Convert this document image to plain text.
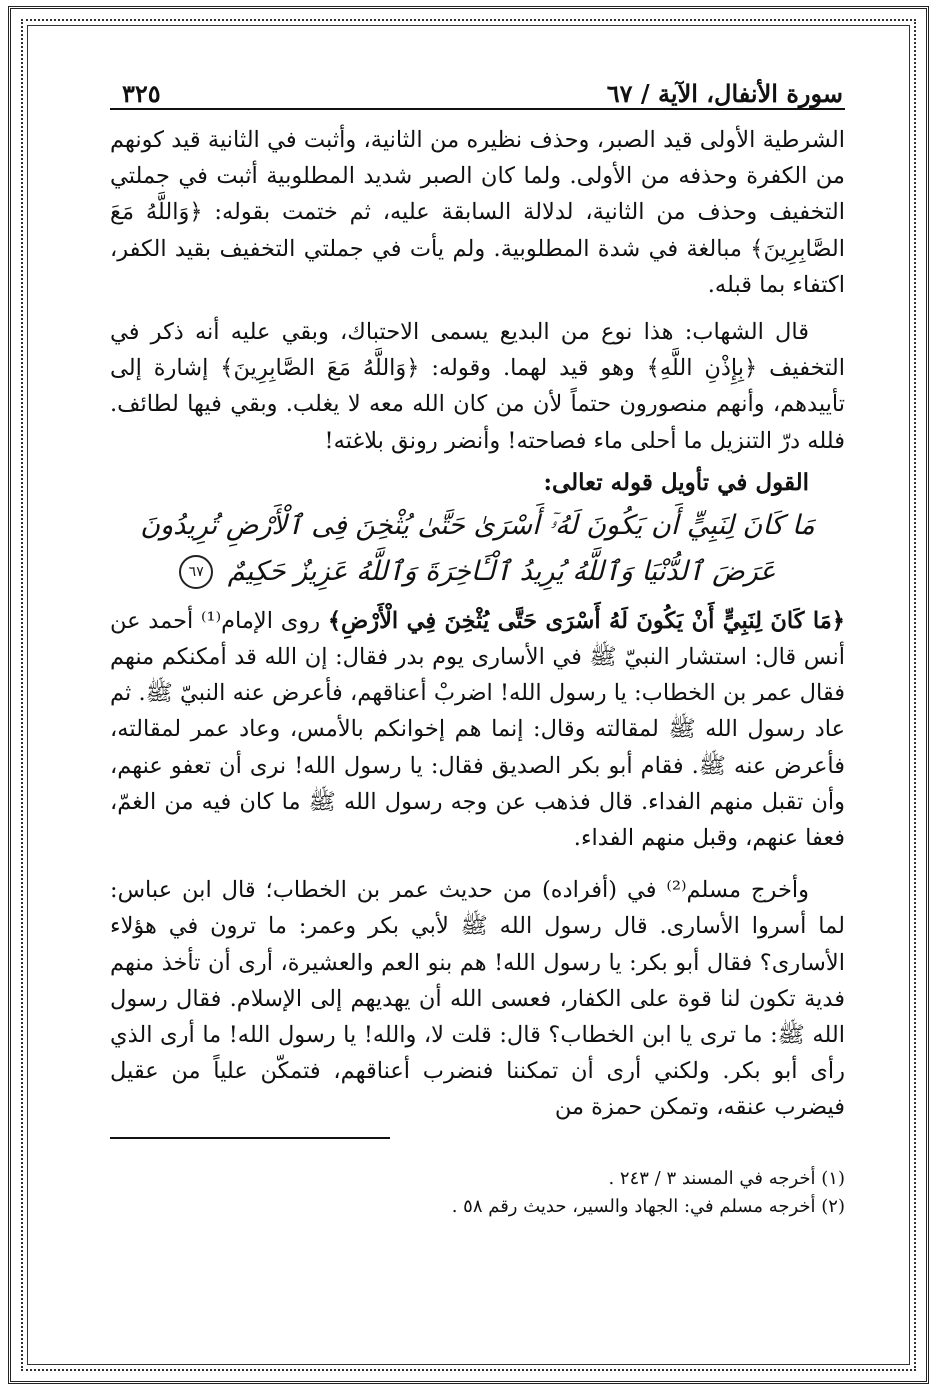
سورة الأنفال، الآية / ٦٧
٣٢٥

الشرطية الأولى قيد الصبر، وحذف نظيره من الثانية، وأثبت في الثانية قيد كونهم من الكفرة وحذفه من الأولى. ولما كان الصبر شديد المطلوبية أثبت في جملتي التخفيف وحذف من الثانية، لدلالة السابقة عليه، ثم ختمت بقوله: ﴿وَاللَّهُ مَعَ الصَّابِرِينَ﴾ مبالغة في شدة المطلوبية. ولم يأت في جملتي التخفيف بقيد الكفر، اكتفاء بما قبله.

قال الشهاب: هذا نوع من البديع يسمى الاحتباك، وبقي عليه أنه ذكر في التخفيف ﴿بِإِذْنِ اللَّهِ﴾ وهو قيد لهما. وقوله: ﴿وَاللَّهُ مَعَ الصَّابِرِينَ﴾ إشارة إلى تأييدهم، وأنهم منصورون حتماً لأن من كان الله معه لا يغلب. وبقي فيها لطائف. فلله درّ التنزيل ما أحلى ماء فصاحته! وأنضر رونق بلاغته!

القول في تأويل قوله تعالى:

مَا كَانَ لِنَبِيٍّ أَن يَكُونَ لَهُۥٓ أَسْرَىٰ حَتَّىٰ يُثْخِنَ فِى ٱلْأَرْضِ تُرِيدُونَ عَرَضَ ٱلدُّنْيَا وَٱللَّهُ يُرِيدُ ٱلْـَٔاخِرَةَ وَٱللَّهُ عَزِيزٌ حَكِيمٌ ٦٧

﴿مَا كَانَ لِنَبِيٍّ أَنْ يَكُونَ لَهُ أَسْرَى حَتَّى يُثْخِنَ فِي الْأَرْضِ﴾ روى الإمام⁽¹⁾ أحمد عن أنس قال: استشار النبيّ ﷺ في الأسارى يوم بدر فقال: إن الله قد أمكنكم منهم فقال عمر بن الخطاب: يا رسول الله! اضربْ أعناقهم، فأعرض عنه النبيّ ﷺ. ثم عاد رسول الله ﷺ لمقالته وقال: إنما هم إخوانكم بالأمس، وعاد عمر لمقالته، فأعرض عنه ﷺ. فقام أبو بكر الصديق فقال: يا رسول الله! نرى أن تعفو عنهم، وأن تقبل منهم الفداء. قال فذهب عن وجه رسول الله ﷺ ما كان فيه من الغمّ، فعفا عنهم، وقبل منهم الفداء.

وأخرج مسلم⁽²⁾ في (أفراده) من حديث عمر بن الخطاب؛ قال ابن عباس: لما أسروا الأسارى. قال رسول الله ﷺ لأبي بكر وعمر: ما ترون في هؤلاء الأسارى؟ فقال أبو بكر: يا رسول الله! هم بنو العم والعشيرة، أرى أن تأخذ منهم فدية تكون لنا قوة على الكفار، فعسى الله أن يهديهم إلى الإسلام. فقال رسول الله ﷺ: ما ترى يا ابن الخطاب؟ قال: قلت لا، والله! يا رسول الله! ما أرى الذي رأى أبو بكر. ولكني أرى أن تمكننا فنضرب أعناقهم، فتمكّن علياً من عقيل فيضرب عنقه، وتمكن حمزة من

(١) أخرجه في المسند ٣ / ٢٤٣ .

(٢) أخرجه مسلم في: الجهاد والسير، حديث رقم ٥٨ .
